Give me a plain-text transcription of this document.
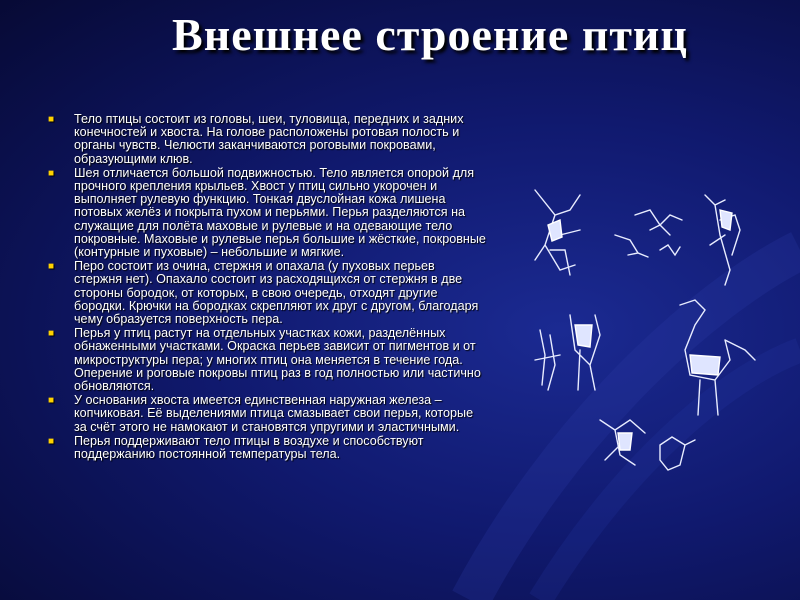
Внешнее строение птиц
■ Тело птицы состоит из головы, шеи, туловища, передних и задних конечностей и хвоста. На голове расположены ротовая полость и органы чувств. Челюсти заканчиваются роговыми покровами, образующими клюв.
■ Шея отличается большой подвижностью. Тело является опорой для прочного крепления крыльев. Хвост у птиц сильно укорочен и выполняет рулевую функцию. Тонкая двуслойная кожа лишена потовых желёз и покрыта пухом и перьями. Перья разделяются на служащие для полёта маховые и рулевые и на одевающие тело покровные. Маховые и рулевые перья большие и жёсткие, покровные (контурные и пуховые) – небольшие и мягкие.
■ Перо состоит из очина, стержня и опахала (у пуховых перьев стержня нет). Опахало состоит из расходящихся от стержня в две стороны бородок, от которых, в свою очередь, отходят другие бородки. Крючки на бородках скрепляют их друг с другом, благодаря чему образуется поверхность пера.
■ Перья у птиц растут на отдельных участках кожи, разделённых обнаженными участками. Окраска перьев зависит от пигментов и от микроструктуры пера; у многих птиц она меняется в течение года. Оперение и роговые покровы птиц раз в год полностью или частично обновляются.
■ У основания хвоста имеется единственная наружная железа – копчиковая. Её выделениями птица смазывает свои перья, которые за счёт этого не намокают и становятся упругими и эластичными.
■ Перья поддерживают тело птицы в воздухе и способствуют поддержанию постоянной температуры тела.
